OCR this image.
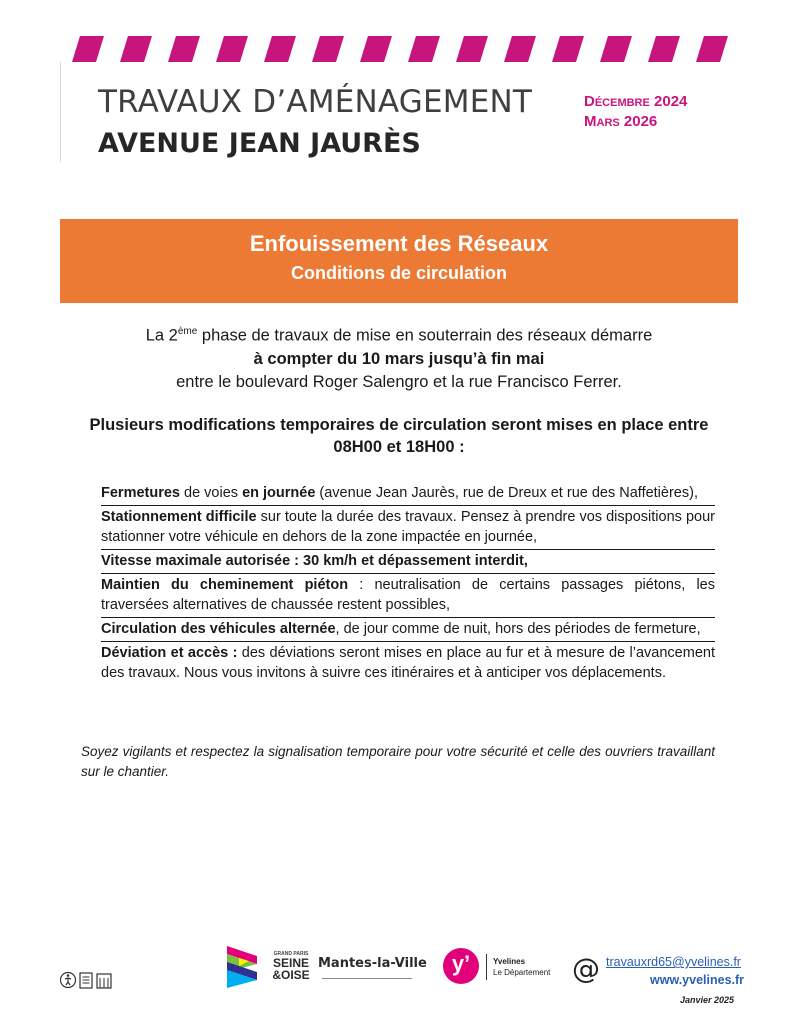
TRAVAUX D’AMÉNAGEMENT
AVENUE JEAN JAURÈS
Décembre 2024
Mars 2026
Enfouissement des Réseaux
Conditions de circulation
La 2ème phase de travaux de mise en souterrain des réseaux démarre
à compter du 10 mars jusqu’à fin mai
entre le boulevard Roger Salengro et la rue Francisco Ferrer.
Plusieurs modifications temporaires de circulation seront mises en place entre
08H00 et 18H00 :
Fermetures de voies en journée (avenue Jean Jaurès, rue de Dreux et rue des Naffetières),
Stationnement difficile sur toute la durée des travaux. Pensez à prendre vos dispositions pour stationner votre véhicule en dehors de la zone impactée en journée,
Vitesse maximale autorisée : 30 km/h et dépassement interdit,
Maintien du cheminement piéton : neutralisation de certains passages piétons, les traversées alternatives de chaussée restent possibles,
Circulation des véhicules alternée, de jour comme de nuit, hors des périodes de fermeture,
Déviation et accès : des déviations seront mises en place au fur et à mesure de l’avancement des travaux. Nous vous invitons à suivre ces itinéraires et à anticiper vos déplacements.
Soyez vigilants et respectez la signalisation temporaire pour votre sécurité et celle des ouvriers travaillant sur le chantier.
GRAND PARIS
SEINE
&OISE
Mantes-la-Ville	y’	Yvelines
Le Département @ travauxrd65@yvelines.fr
www.yvelines.fr
Janvier 2025
